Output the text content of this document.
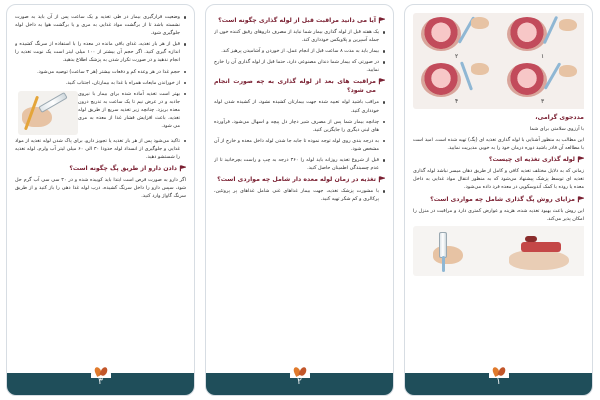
وضعیت قرارگیری بیمار در طی تغذیه و یک ساعت پس از آن باید به صورت نشسته باشد تا از برگشت مواد غذایی به مری و یا برگشت هوا به داخل لوله جلوگیری شود.
قبل از هر بار تغذیه، غذای باقی مانده در معده را با استفاده از سرنگ کشیده و اندازه گیری کنید. اگر حجم آن بیشتر از ۱۰۰ میلی لیتر است یک نوبت تغذیه را انجام ندهید و در صورت تکرار شدن به پزشک اطلاع بدهید.
حجم غذا در هر وعده کم و دفعات بیشتر (هر ۳ ساعت) توصیه می‌شود.
از خوراندن مایعات همراه با غذا به بیمارتان، اجتناب کنید.
بهتر است تغذیه آماده شده برای بیمار با نیروی جاذبه و در عرض نیم تا یک ساعت به تدریج درون معده بریزد. چنانچه زیر تغذیه سریع از طریق لوله تغذیه، باعث افزایش فشار غذا از معده به مری می شود.
تاکید می‌شود پس از هر بار تغذیه یا تجویز دارو، برای پاک شدن لوله تغذیه از مواد غذایی و جلوگیری از انسداد لوله حدودا ۳۰ الی ۶۰ میلی لیتر آب ولرم، لوله تغذیه را شستشو دهید.
دادن دارو از طریق پگ چگونه است؟
اگر دارو به صورت قرص است ابتدا باید کوبیده شده و در ۳۰ سی سی آب گرم حل شود، سپس دارو را داخل سرنگ کشیده، درب لوله غذا دهی را باز کنید و از طریق سرنگ گاواژ وارد کنید.
۳
آیا می دانید مراقبت قبل از لوله گذاری چگونه است؟
یک هفته قبل از لوله گذاری بیمار شما نباید از مصرف داروهای رقیق کننده خون از جمله آسپرین و پلاویکس خودداری کند.
بیمار باید به مدت ۸ ساعت قبل از انجام عمل، از خوردن و آشامیدن پرهیز کند.
در صورتی که بیمار شما دندان مصنوعی دارد، حتما قبل از لوله گذاری آن را خارج نمایید.
مراقبت های بعد از لوله گذاری به چه صورت انجام می شود؟
مراقب باشید لوله تعبیه شده جهت بیمارتان کشیده نشود، از کشیده شدن لوله خودداری کنید.
چنانچه بیمار شما پس از مصرف شیر دچار دل پیچه و اسهال می‌شود، فرآورده های لبنی دیگری را جایگزین کنید.
به درجه بندی روی لوله توجه نموده تا جابه جا شدن لوله داخل معده و خارج از آن مشخص شود.
قبل از شروع تغذیه روزانه باید لوله را ۳۶۰ درجه به چپ و راست بچرخانید تا از عدم چسبندگی اطمینان حاصل کنید.
تغذیه در زمان لوله معده دار شامل چه مواردی است؟
با مشورت پزشک تغذیه، جهت بیمار غذاهای غنی شامل غذاهای پر پروتئین، پرکالری و کم شکر تهیه کنید.
۲
۱
۲
۳
۴
مددجوی گرامی،
با آرزوی سلامتی برای شما
این مطالب به منظور آشنایی با لوله گذاری تغذیه ای (پگ) تهیه شده است. امید است با مطالعه آن قادر باشید دوره درمان خود را به خوبی مدیریت نمایید.
لوله گذاری تغذیه ای چیست؟
زمانی که به دلایل مختلف تغذیه کافی و کامل از طریق دهان میسر نباشد لوله گذاری تغذیه ای توسط پزشک پیشنهاد می‌شود که به منظور انتقال مواد غذایی به داخل معده یا روده با کمک آندوسکوپی در معده فرد داده می‌شود.
مزایای روش پگ گذاری شامل چه مواردی است؟
این روش باعث بهبود تغذیه شده، هزینه و عوارض کمتری دارد و مراقبت در منزل را امکان پذیر می‌کند.
۱
